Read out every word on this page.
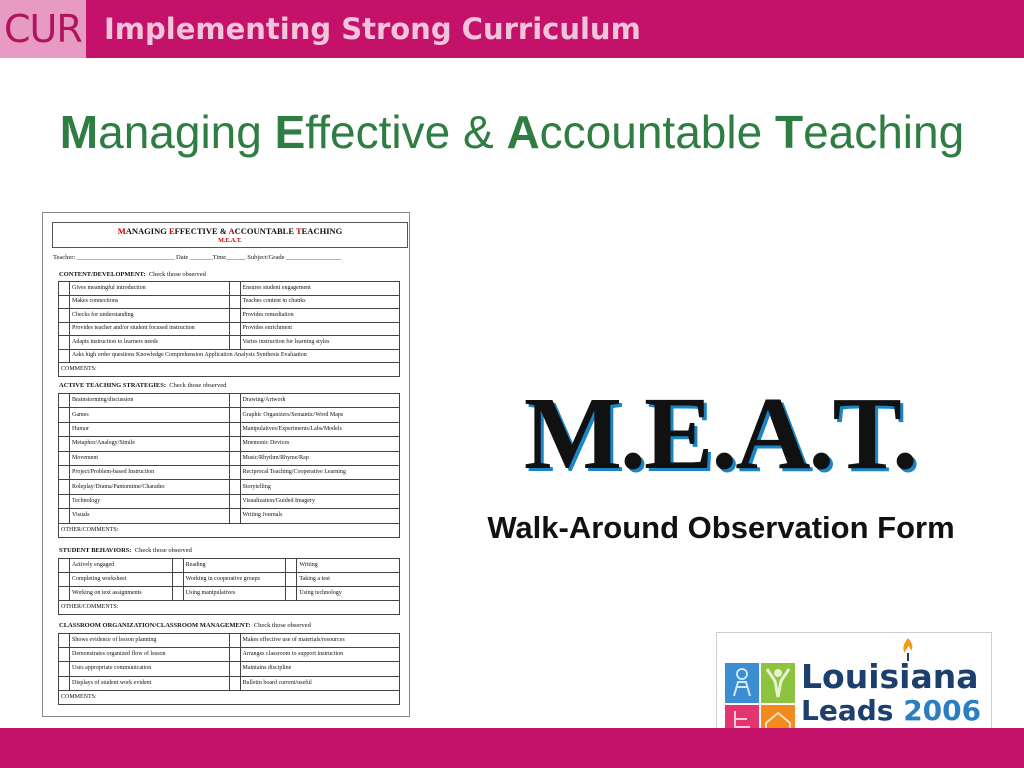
CUR Implementing Strong Curriculum
Managing Effective & Accountable Teaching
MANAGING EFFECTIVE & ACCOUNTABLE TEACHING
M.E.A.T.
Teacher: ______________________________ Date _______Time______ Subject/Grade _________________
CONTENT/DEVELOPMENT: Check those observed
	Gives meaningful introduction		Ensures student engagement
	Makes connections		Teaches content in chunks
	Checks for understanding		Provides remediation
	Provides teacher and/or student focused instruction		Provides enrichment
	Adapts instruction to learners needs		Varies instruction for learning styles
	Asks high order questions Knowledge Comprehension Application Analysis Synthesis Evaluation		
COMMENTS:			
ACTIVE TEACHING STRATEGIES: Check those observed
	Brainstorming/discussion		Drawing/Artwork
	Games		Graphic Organizers/Semantic/Word Maps
	Humor		Manipulatives/Experiments/Labs/Models
	Metaphor/Analogy/Simile		Mnemonic Devices
	Movement		Music/Rhythm/Rhyme/Rap
	Project/Problem-based Instruction		Reciprocal Teaching/Cooperative Learning
	Roleplay/Drama/Pantomime/Charades		Storytelling
	Technology		Visualization/Guided Imagery
	Visuals		Writing Journals
OTHER/COMMENTS:			
STUDENT BEHAVIORS: Check those observed
	Actively engaged		Reading		Writing
	Completing worksheet		Working in cooperative groups		Taking a test
	Working on text assignments		Using manipulatives		Using technology
OTHER/COMMENTS:					
CLASSROOM ORGANIZATION/CLASSROOM MANAGEMENT: Check those observed
	Shows evidence of lesson planning		Makes effective use of materials/resources
	Demonstrates organized flow of lesson		Arranges classroom to support instruction
	Uses appropriate communication		Maintains discipline
	Displays of student work evident		Bulletin board current/useful
COMMENTS:			
M.E.A.T.
Walk-Around Observation Form
Louisiana
Leads 2006
